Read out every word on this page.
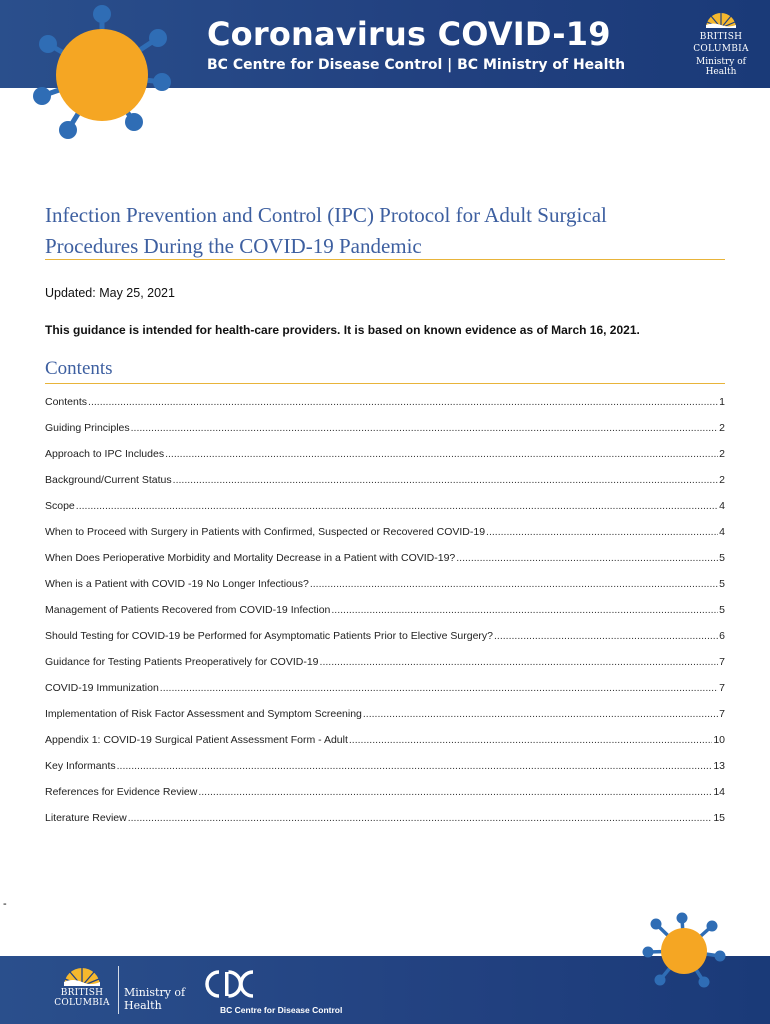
Coronavirus COVID-19
BC Centre for Disease Control | BC Ministry of Health
BRITISH
COLUMBIA
Ministry of
Health
Infection Prevention and Control (IPC) Protocol for Adult Surgical
Procedures During the COVID-19 Pandemic
Updated: May 25, 2021
This guidance is intended for health-care providers. It is based on known evidence as of March 16, 2021.
Contents
Contents .....	1
Guiding Principles .....	2
Approach to IPC Includes .....	2
Background/Current Status .....	2
Scope .....	4
When to Proceed with Surgery in Patients with Confirmed, Suspected or Recovered COVID-19 .....	4
When Does Perioperative Morbidity and Mortality Decrease in a Patient with COVID-19? .....	5
When is a Patient with COVID -19 No Longer Infectious? .....	5
Management of Patients Recovered from COVID-19 Infection .....	5
Should Testing for COVID-19 be Performed for Asymptomatic Patients Prior to Elective Surgery? .....	6
Guidance for Testing Patients Preoperatively for COVID-19 .....	7
COVID-19 Immunization .....	7
Implementation of Risk Factor Assessment and Symptom Screening .....	7
Appendix 1: COVID-19 Surgical Patient Assessment Form - Adult .....	10
Key Informants .....	13
References for Evidence Review .....	14
Literature Review .....	15
-
BRITISH
COLUMBIA
Ministry of
Health	BC Centre for Disease Control
